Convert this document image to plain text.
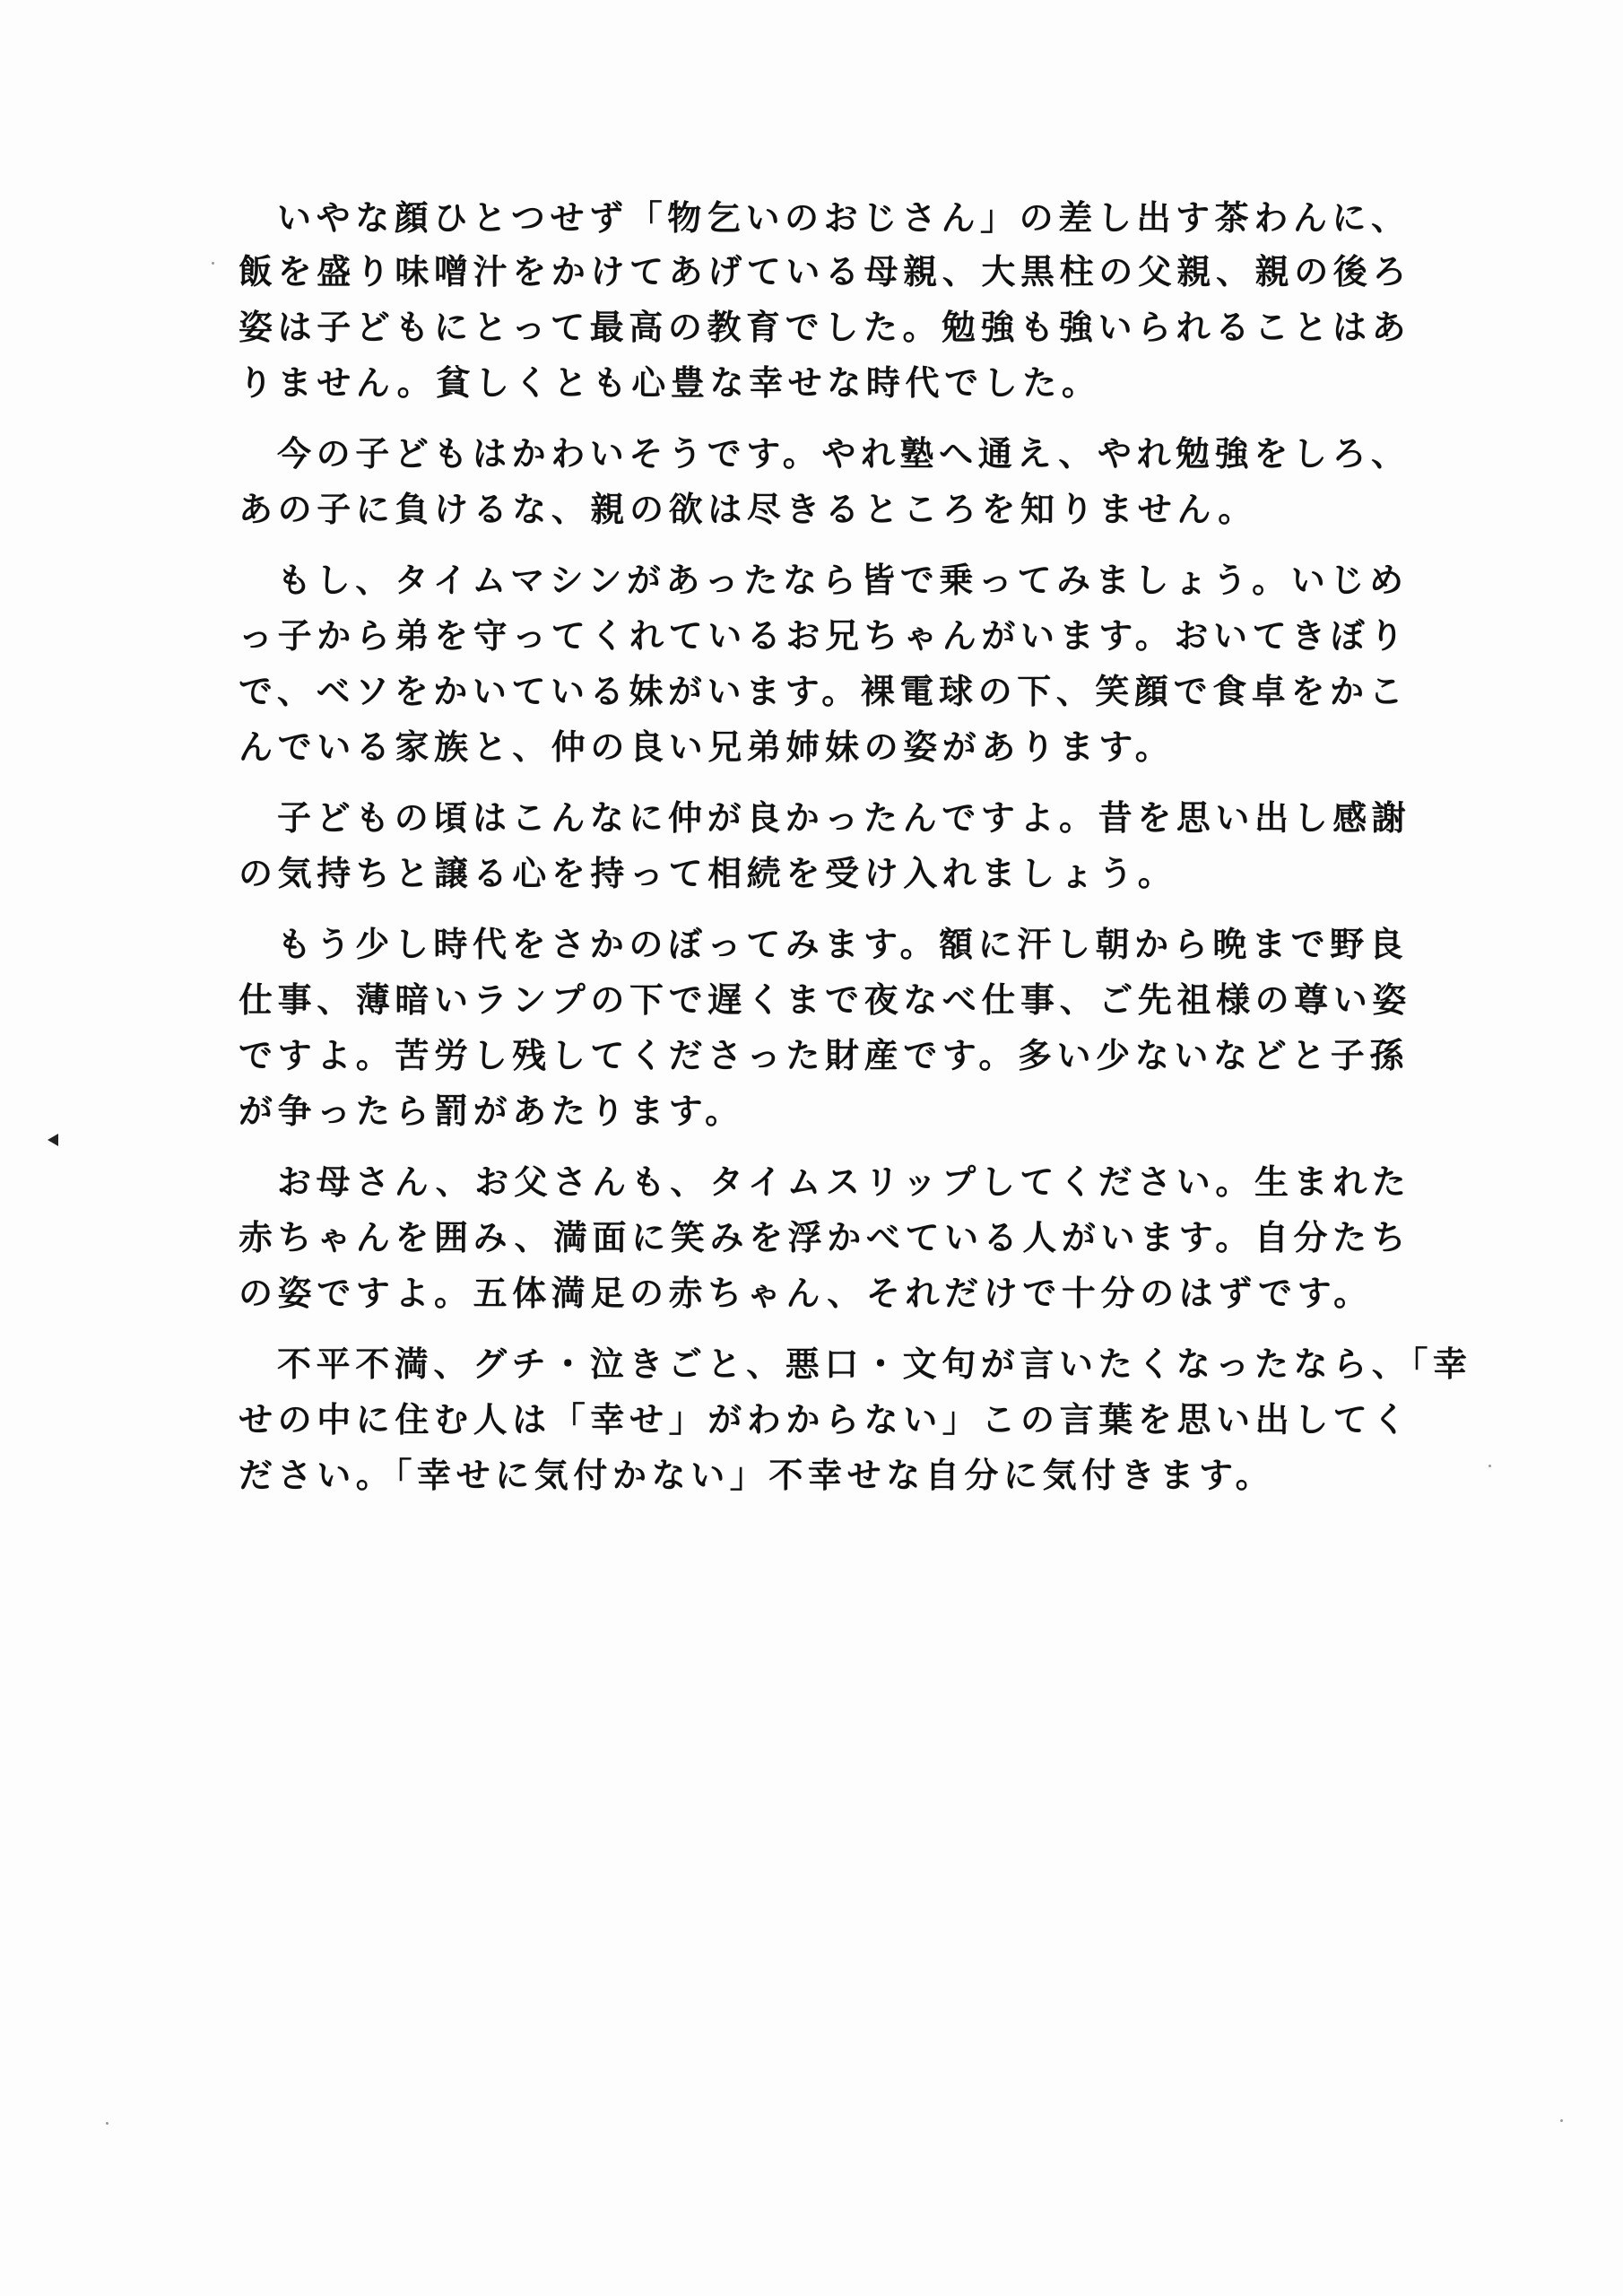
いやな顔ひとつせず「物乞いのおじさん」の差し出す茶わんに、
飯を盛り味噌汁をかけてあげている母親、大黒柱の父親、親の後ろ
姿は子どもにとって最高の教育でした。勉強も強いられることはあ
りません。貧しくとも心豊な幸せな時代でした。
今の子どもはかわいそうです。やれ塾へ通え、やれ勉強をしろ、
あの子に負けるな、親の欲は尽きるところを知りません。
もし、タイムマシンがあったなら皆で乗ってみましょう。いじめ
っ子から弟を守ってくれているお兄ちゃんがいます。おいてきぼり
で、ベソをかいている妹がいます。裸電球の下、笑顔で食卓をかこ
んでいる家族と、仲の良い兄弟姉妹の姿があります。
子どもの頃はこんなに仲が良かったんですよ。昔を思い出し感謝
の気持ちと譲る心を持って相続を受け入れましょう。
もう少し時代をさかのぼってみます。額に汗し朝から晩まで野良
仕事、薄暗いランプの下で遅くまで夜なべ仕事、ご先祖様の尊い姿
ですよ。苦労し残してくださった財産です。多い少ないなどと子孫
が争ったら罰があたります。
お母さん、お父さんも、タイムスリップしてください。生まれた
赤ちゃんを囲み、満面に笑みを浮かべている人がいます。自分たち
の姿ですよ。五体満足の赤ちゃん、それだけで十分のはずです。
不平不満、グチ・泣きごと、悪口・文句が言いたくなったなら、「幸
せの中に住む人は「幸せ」がわからない」この言葉を思い出してく
ださい。「幸せに気付かない」不幸せな自分に気付きます。
